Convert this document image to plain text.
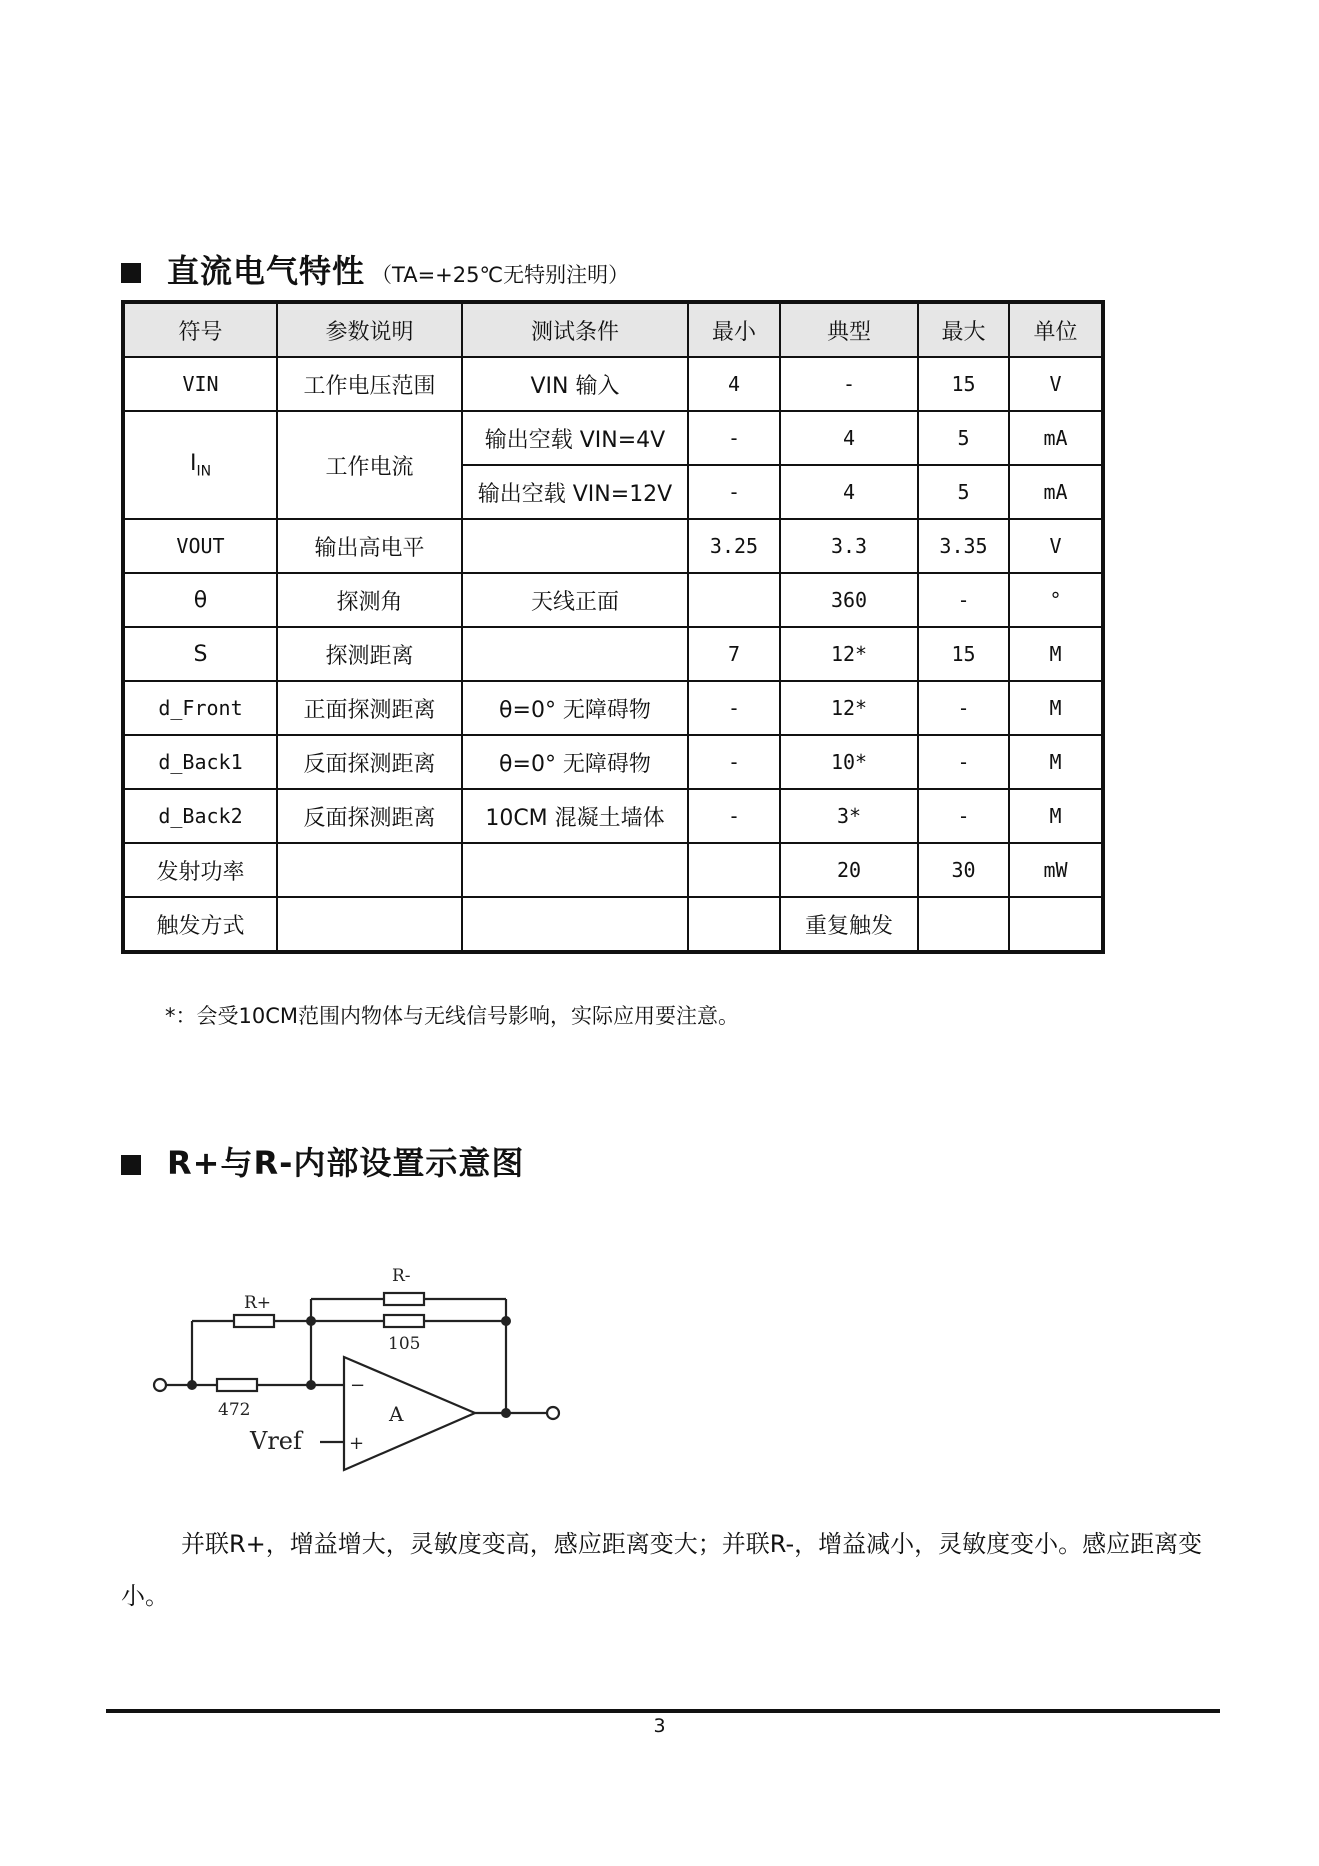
直流电气特性 （TA=+25℃无特别注明）
符号	参数说明	测试条件	最小	典型	最大	单位
VIN	工作电压范围	VIN 输入	4	-	15	V
$I_{IN}$	工作电流	输出空载 VIN=4V	-	4	5	mA
		输出空载 VIN=12V	-	4	5	mA
VOUT	输出高电平		3.25	3.3	3.35	V
θ	探测角	天线正面		360	-	°
S	探测距离		7	12*	15	M
d_Front	正面探测距离	θ=0° 无障碍物	-	12*	-	M
d_Back1	反面探测距离	θ=0° 无障碍物	-	10*	-	M
d_Back2	反面探测距离	10CM 混凝土墙体	-	3*	-	M
发射功率				20	30	mW
触发方式				重复触发		
*：会受10CM范围内物体与无线信号影响，实际应用要注意。
R+与R-内部设置示意图
R-
R+
105
472	A
Vref
−
+

并联R+，增益增大，灵敏度变高，感应距离变大；并联R-，增益减小，灵敏度变小。感应距离变小。

3
